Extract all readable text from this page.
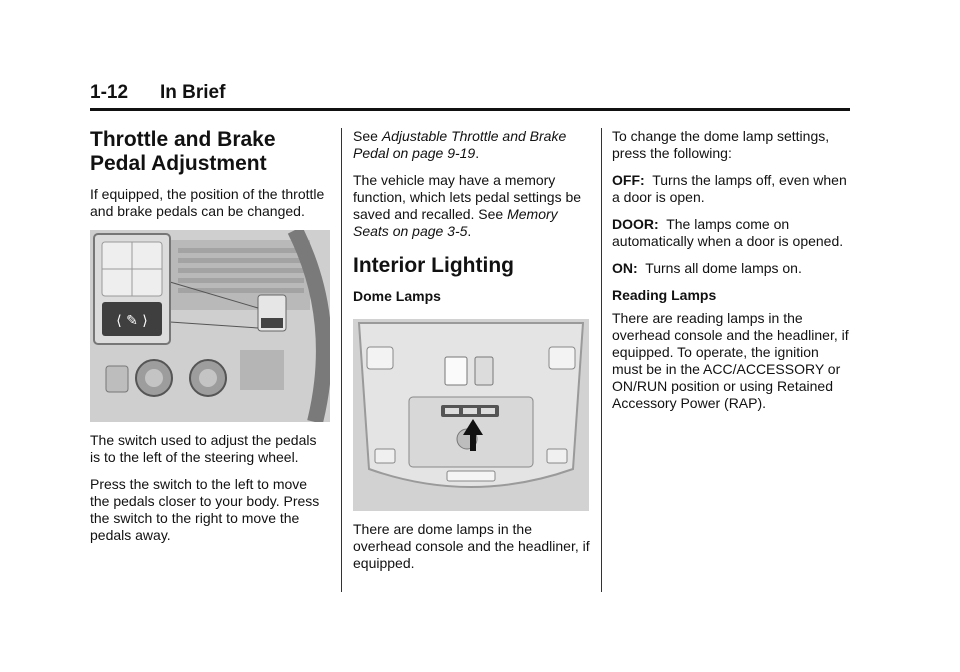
1-12 In Brief
Throttle and Brake Pedal Adjustment

If equipped, the position of the throttle and brake pedals can be changed.

⟨ ✎ ⟩

The switch used to adjust the pedals is to the left of the steering wheel.

Press the switch to the left to move the pedals closer to your body. Press the switch to the right to move the pedals away.

See Adjustable Throttle and Brake Pedal on page 9-19.

The vehicle may have a memory function, which lets pedal settings be saved and recalled. See Memory Seats on page 3-5.

Interior Lighting
Dome Lamps

There are dome lamps in the overhead console and the headliner, if equipped.

To change the dome lamp settings, press the following:

OFF: Turns the lamps off, even when a door is open.

DOOR: The lamps come on automatically when a door is opened.

ON: Turns all dome lamps on.

Reading Lamps

There are reading lamps in the overhead console and the headliner, if equipped. To operate, the ignition must be in the ACC/ACCESSORY or ON/RUN position or using Retained Accessory Power (RAP).
